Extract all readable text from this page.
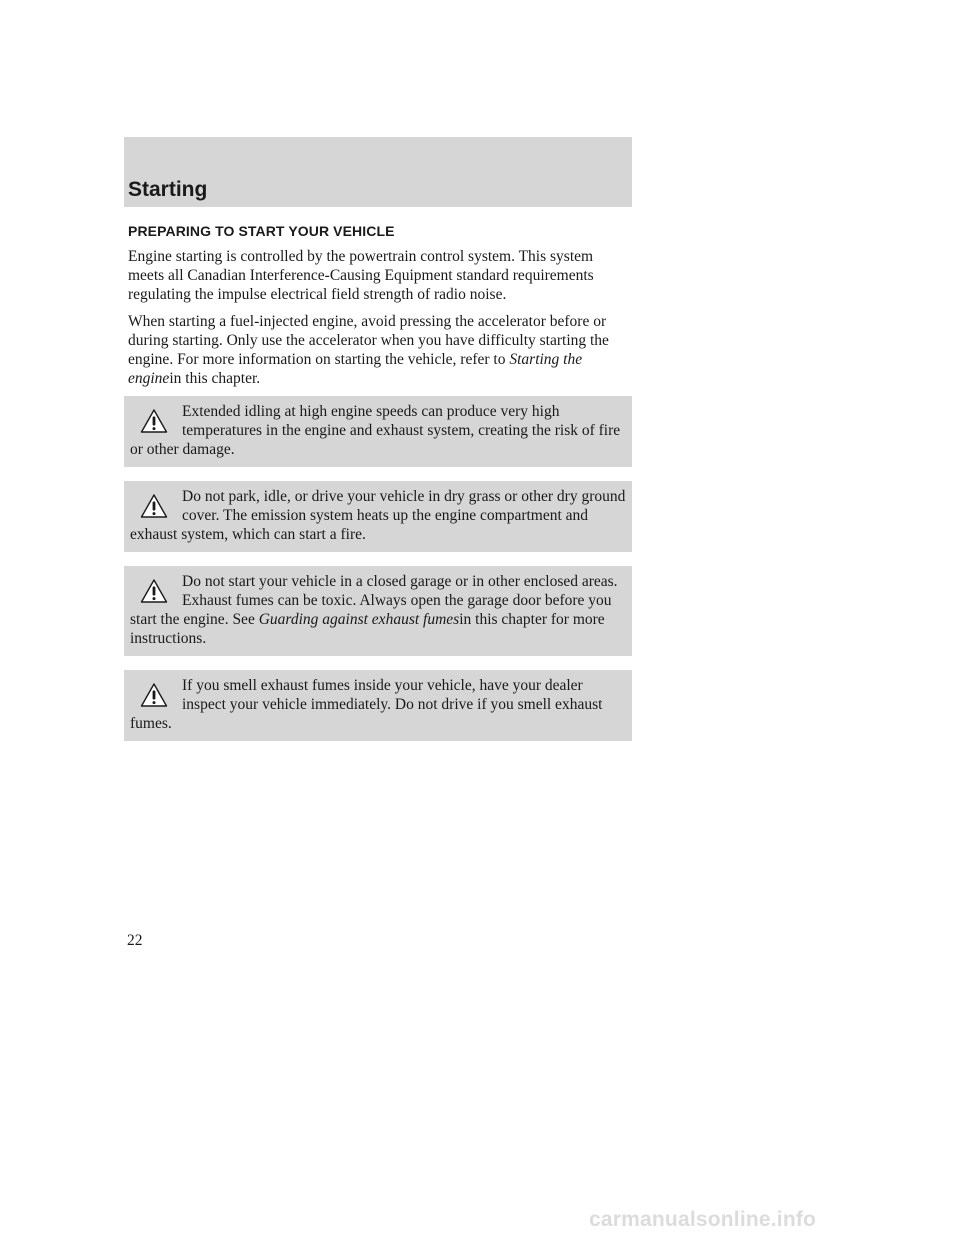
Starting
PREPARING TO START YOUR VEHICLE

Engine starting is controlled by the powertrain control system. This system meets all Canadian Interference-Causing Equipment standard requirements regulating the impulse electrical field strength of radio noise.

When starting a fuel-injected engine, avoid pressing the accelerator before or during starting. Only use the accelerator when you have difficulty starting the engine. For more information on starting the vehicle, refer to Starting the enginein this chapter.

Extended idling at high engine speeds can produce very high temperatures in the engine and exhaust system, creating the risk of fire or other damage.
Do not park, idle, or drive your vehicle in dry grass or other dry ground cover. The emission system heats up the engine compartment and exhaust system, which can start a fire.
Do not start your vehicle in a closed garage or in other enclosed areas. Exhaust fumes can be toxic. Always open the garage door before you start the engine. See Guarding against exhaust fumesin this chapter for more instructions.
If you smell exhaust fumes inside your vehicle, have your dealer inspect your vehicle immediately. Do not drive if you smell exhaust fumes.
22
carmanualsonline.info
